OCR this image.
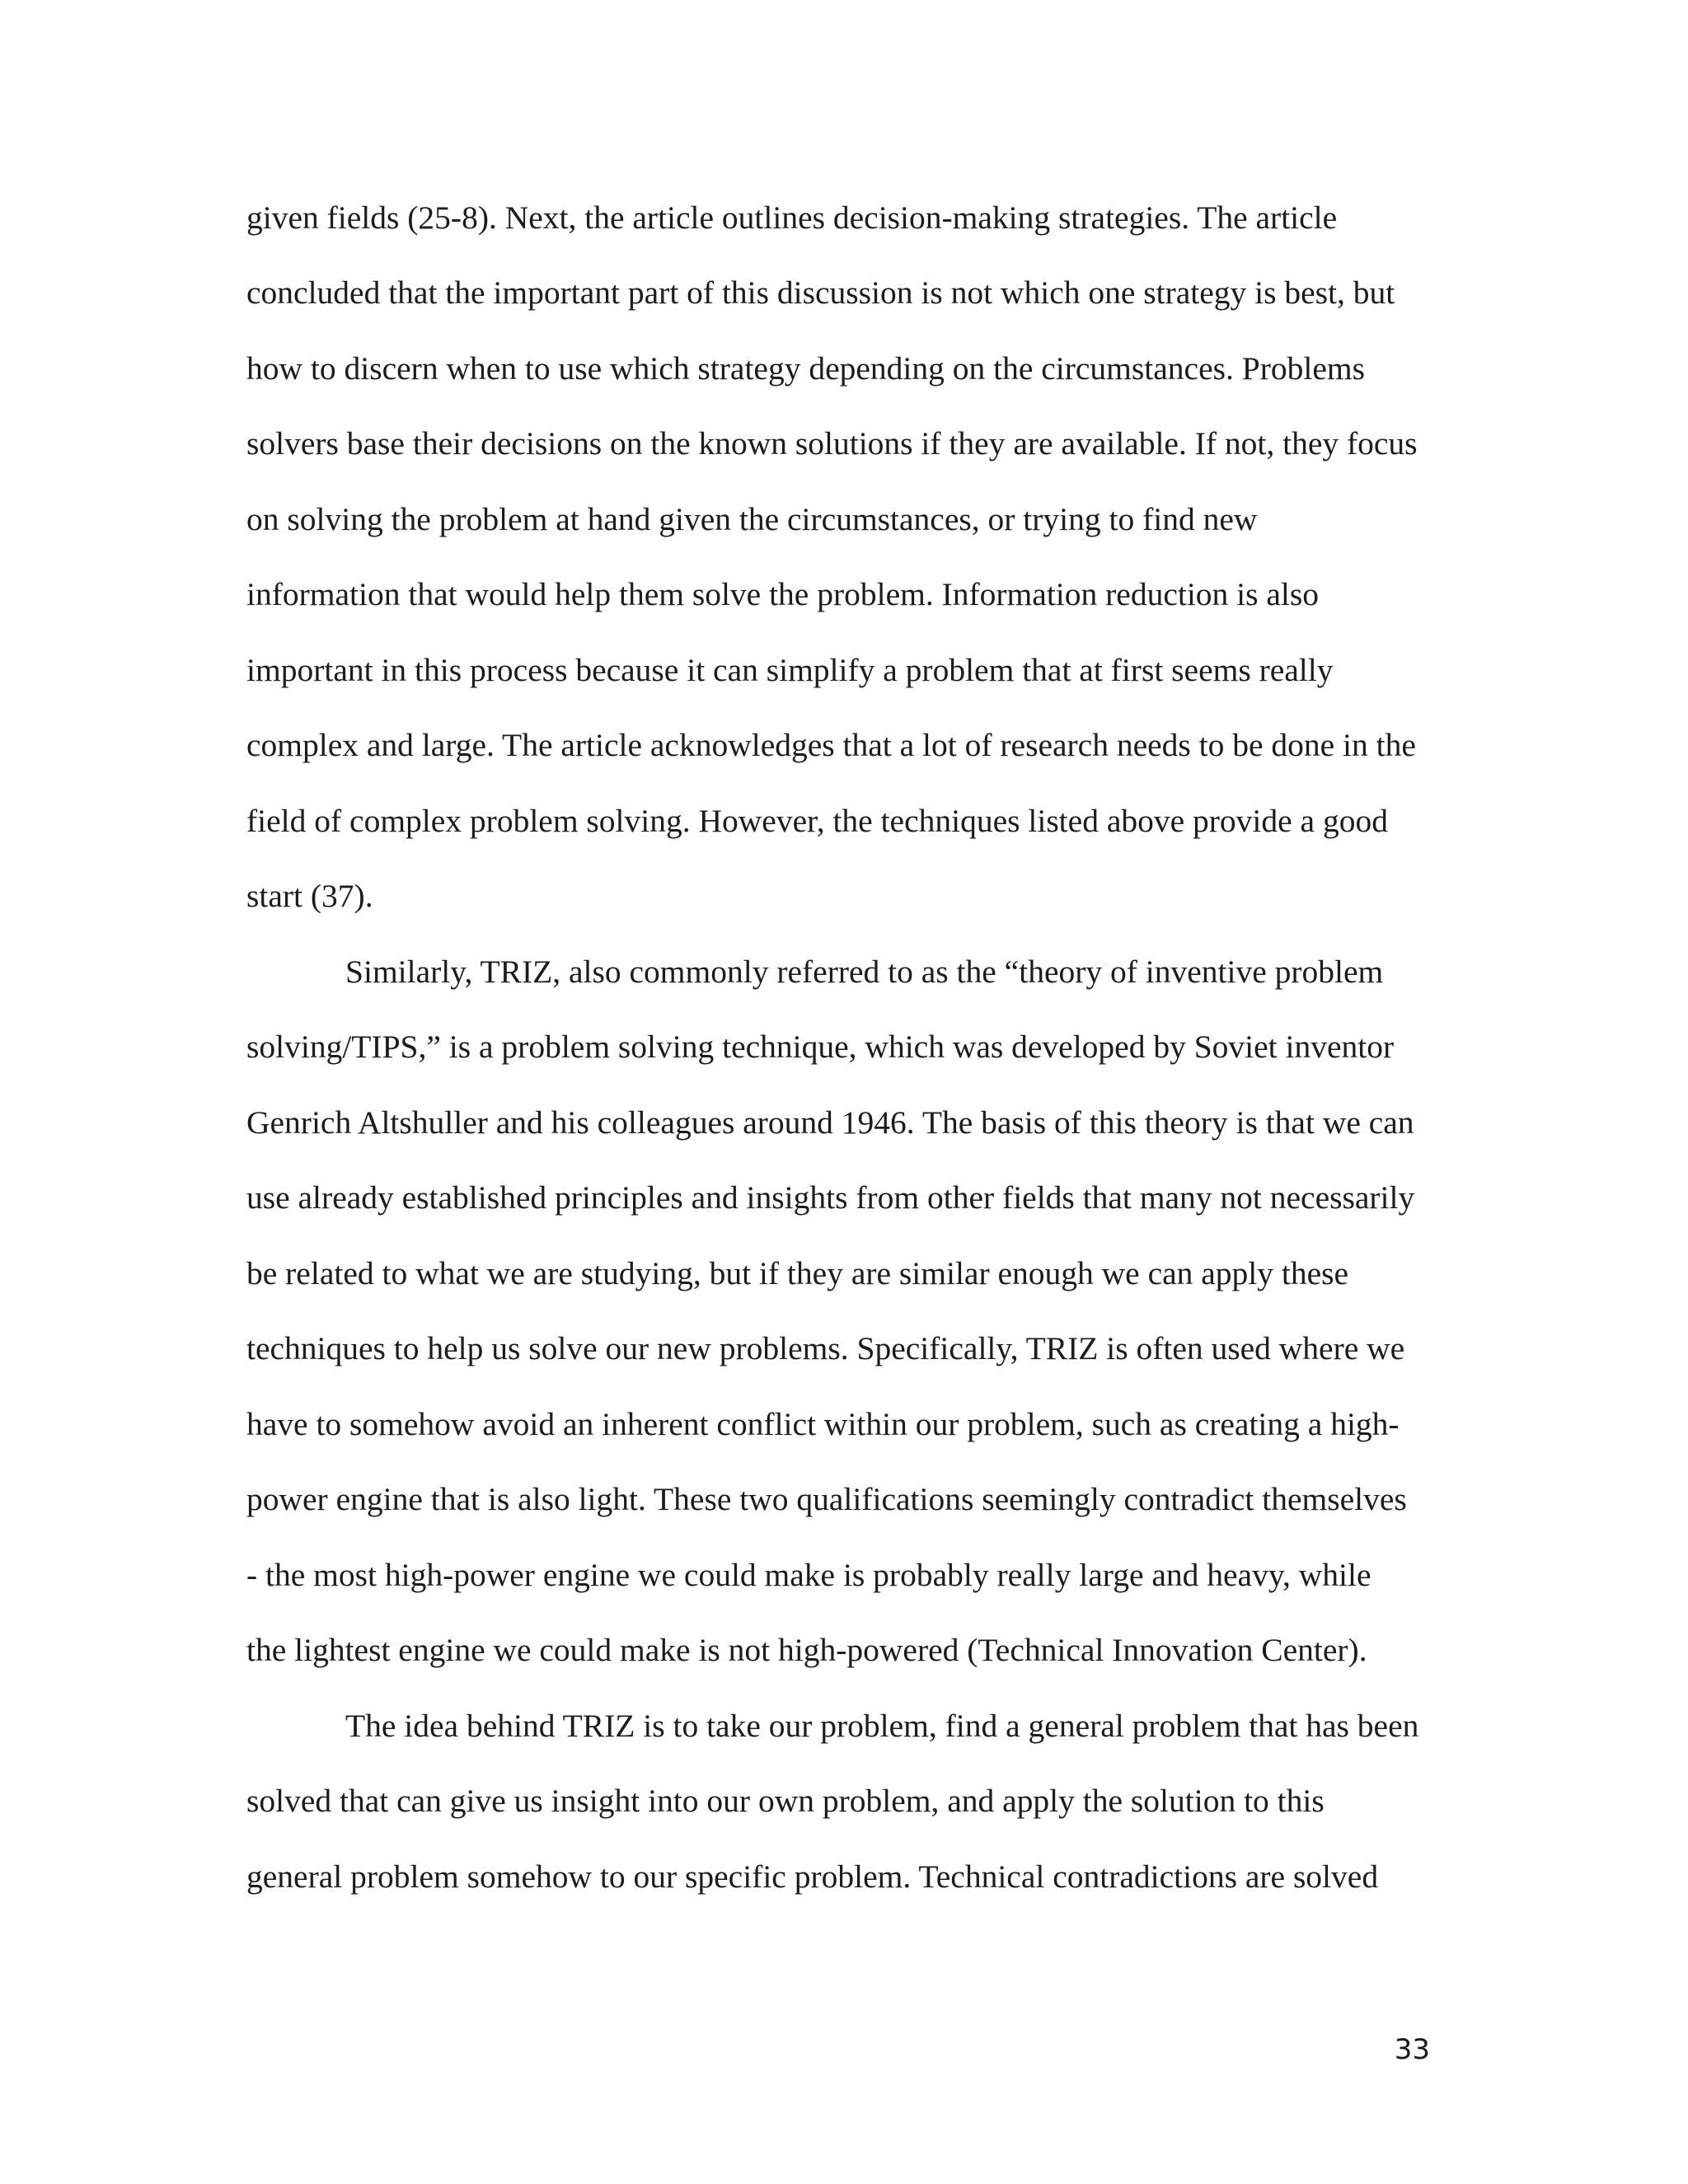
given fields (25-8). Next, the article outlines decision-making strategies. The article
concluded that the important part of this discussion is not which one strategy is best, but
how to discern when to use which strategy depending on the circumstances. Problems
solvers base their decisions on the known solutions if they are available. If not, they focus
on solving the problem at hand given the circumstances, or trying to find new
information that would help them solve the problem. Information reduction is also
important in this process because it can simplify a problem that at first seems really
complex and large. The article acknowledges that a lot of research needs to be done in the
field of complex problem solving. However, the techniques listed above provide a good
start (37).
Similarly, TRIZ, also commonly referred to as the “theory of inventive problem
solving/TIPS,” is a problem solving technique, which was developed by Soviet inventor
Genrich Altshuller and his colleagues around 1946. The basis of this theory is that we can
use already established principles and insights from other fields that many not necessarily
be related to what we are studying, but if they are similar enough we can apply these
techniques to help us solve our new problems. Specifically, TRIZ is often used where we
have to somehow avoid an inherent conflict within our problem, such as creating a high-
power engine that is also light. These two qualifications seemingly contradict themselves
- the most high-power engine we could make is probably really large and heavy, while
the lightest engine we could make is not high-powered (Technical Innovation Center).
The idea behind TRIZ is to take our problem, find a general problem that has been
solved that can give us insight into our own problem, and apply the solution to this
general problem somehow to our specific problem. Technical contradictions are solved
33
